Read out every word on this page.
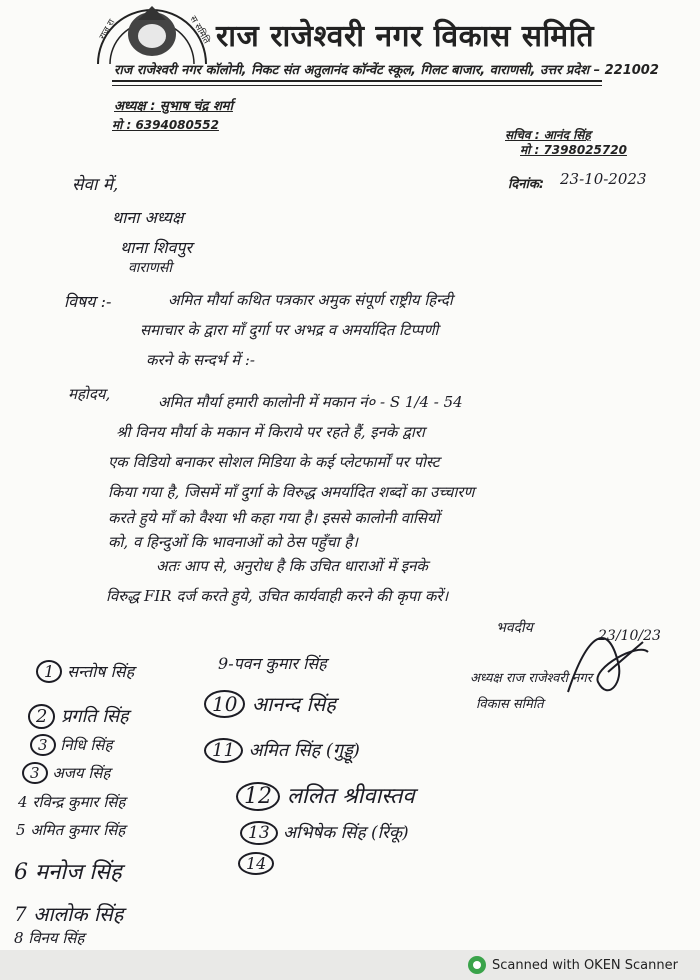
राज रा	स समिति राज राजेश्वरी नगर विकास समिति
राज राजेश्वरी नगर कॉलोनी, निकट संत अतुलानंद कॉन्वेंट स्कूल, गिलट बाजार, वाराणसी, उत्तर प्रदेश – 221002
अध्यक्ष : सुभाष चंद्र शर्मा
मो : 6394080552
सचिव : आनंद सिंह
मो : 7398025720
दिनांक: 23-10-2023
सेवा में,
थाना अध्यक्ष
थाना शिवपुर
वाराणसी
विषय :-	अमित मौर्या कथित पत्रकार अमुक संपूर्ण राष्ट्रीय हिन्दी
समाचार के द्वारा माँ दुर्गा पर अभद्र व अमर्यादित टिप्पणी
करने के सन्दर्भ में :-
महोदय,	अमित मौर्या हमारी कालोनी में मकान नं० - S 1/4 - 54
श्री विनय मौर्या के मकान में किराये पर रहते हैं, इनके द्वारा
एक विडियो बनाकर सोशल मिडिया के कई प्लेटफार्मों पर पोस्ट
किया गया है, जिसमें माँ दुर्गा के विरुद्ध अमर्यादित शब्दों का उच्चारण
करते हुये माँ को वैश्या भी कहा गया है। इससे कालोनी वासियों
को, व हिन्दुओं कि भावनाओं को ठेस पहुँचा है।
अतः आप से, अनुरोध है कि उचित धाराओं में इनके
विरुद्ध FIR दर्ज करते हुये, उचित कार्यवाही करने की कृपा करें।
भवदीय	23/10/23
अध्यक्ष राज राजेश्वरी नगर
विकास समिति
1 सन्तोष सिंह	9-पवन कुमार सिंह
2 प्रगति सिंह
10 आनन्द सिंह
3 निधि सिंह	11 अमित सिंह (गुड्डू)
3 अजय सिंह
4 रविन्द्र कुमार सिंह	12 ललित श्रीवास्तव
5 अमित कुमार सिंह	13 अभिषेक सिंह (रिंकू)
6 मनोज सिंह	14
7 आलोक सिंह
8 विनय सिंह
Scanned with OKEN Scanner
